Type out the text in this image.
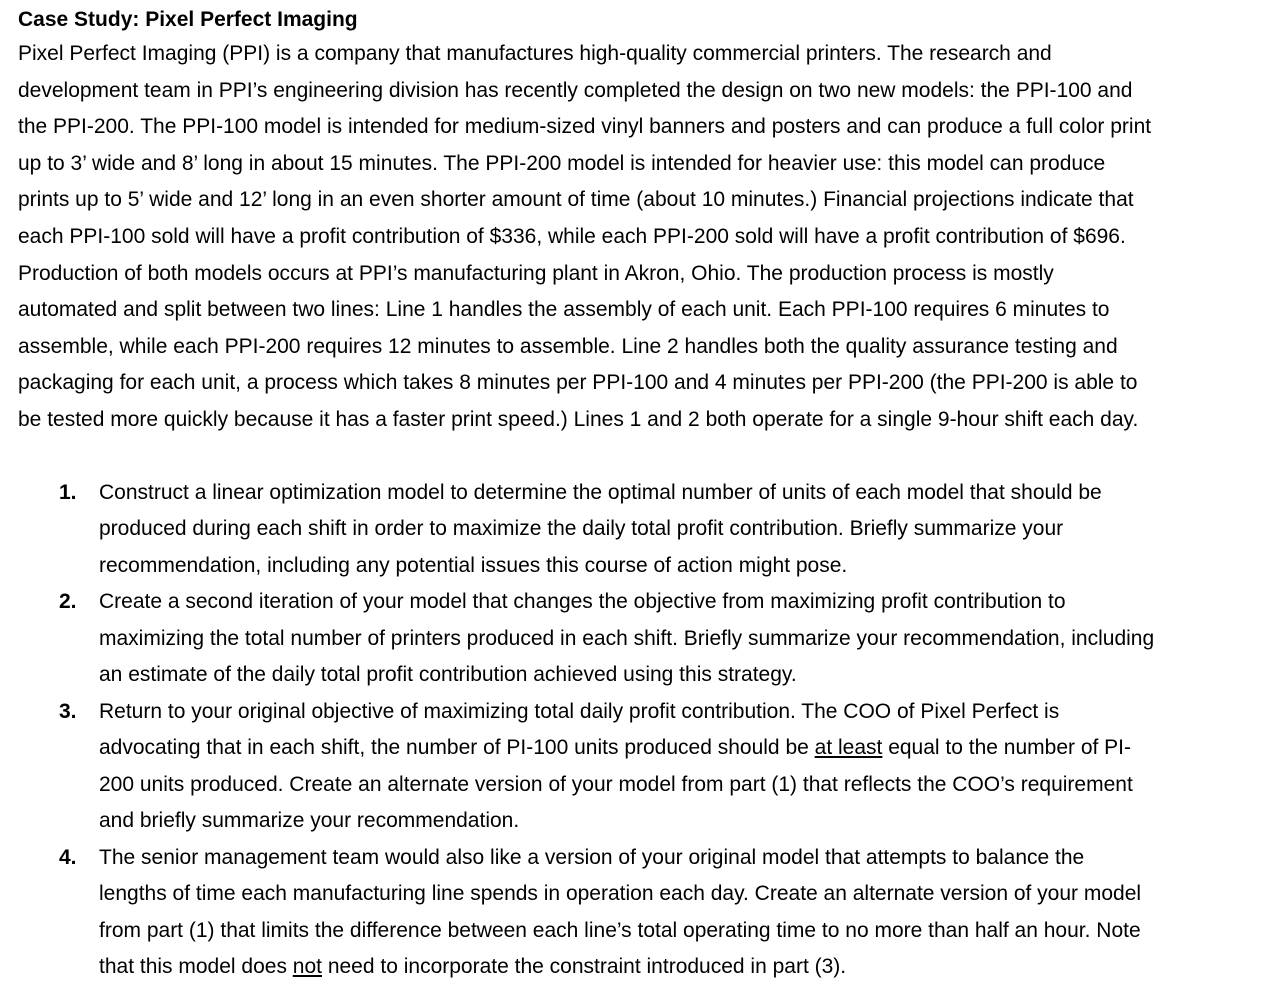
Case Study: Pixel Perfect Imaging

Pixel Perfect Imaging (PPI) is a company that manufactures high-quality commercial printers. The research and
development team in PPI’s engineering division has recently completed the design on two new models: the PPI-100 and
the PPI-200. The PPI-100 model is intended for medium-sized vinyl banners and posters and can produce a full color print
up to 3’ wide and 8’ long in about 15 minutes. The PPI-200 model is intended for heavier use: this model can produce
prints up to 5’ wide and 12’ long in an even shorter amount of time (about 10 minutes.) Financial projections indicate that
each PPI-100 sold will have a profit contribution of $336, while each PPI-200 sold will have a profit contribution of $696.
Production of both models occurs at PPI’s manufacturing plant in Akron, Ohio. The production process is mostly
automated and split between two lines: Line 1 handles the assembly of each unit. Each PPI-100 requires 6 minutes to
assemble, while each PPI-200 requires 12 minutes to assemble. Line 2 handles both the quality assurance testing and
packaging for each unit, a process which takes 8 minutes per PPI-100 and 4 minutes per PPI-200 (the PPI-200 is able to
be tested more quickly because it has a faster print speed.) Lines 1 and 2 both operate for a single 9-hour shift each day.

1. Construct a linear optimization model to determine the optimal number of units of each model that should be
produced during each shift in order to maximize the daily total profit contribution. Briefly summarize your
recommendation, including any potential issues this course of action might pose.
2. Create a second iteration of your model that changes the objective from maximizing profit contribution to
maximizing the total number of printers produced in each shift. Briefly summarize your recommendation, including
an estimate of the daily total profit contribution achieved using this strategy.
3. Return to your original objective of maximizing total daily profit contribution. The COO of Pixel Perfect is
advocating that in each shift, the number of PI-100 units produced should be at least equal to the number of PI-
200 units produced. Create an alternate version of your model from part (1) that reflects the COO’s requirement
and briefly summarize your recommendation.
4. The senior management team would also like a version of your original model that attempts to balance the
lengths of time each manufacturing line spends in operation each day. Create an alternate version of your model
from part (1) that limits the difference between each line’s total operating time to no more than half an hour. Note
that this model does not need to incorporate the constraint introduced in part (3).
